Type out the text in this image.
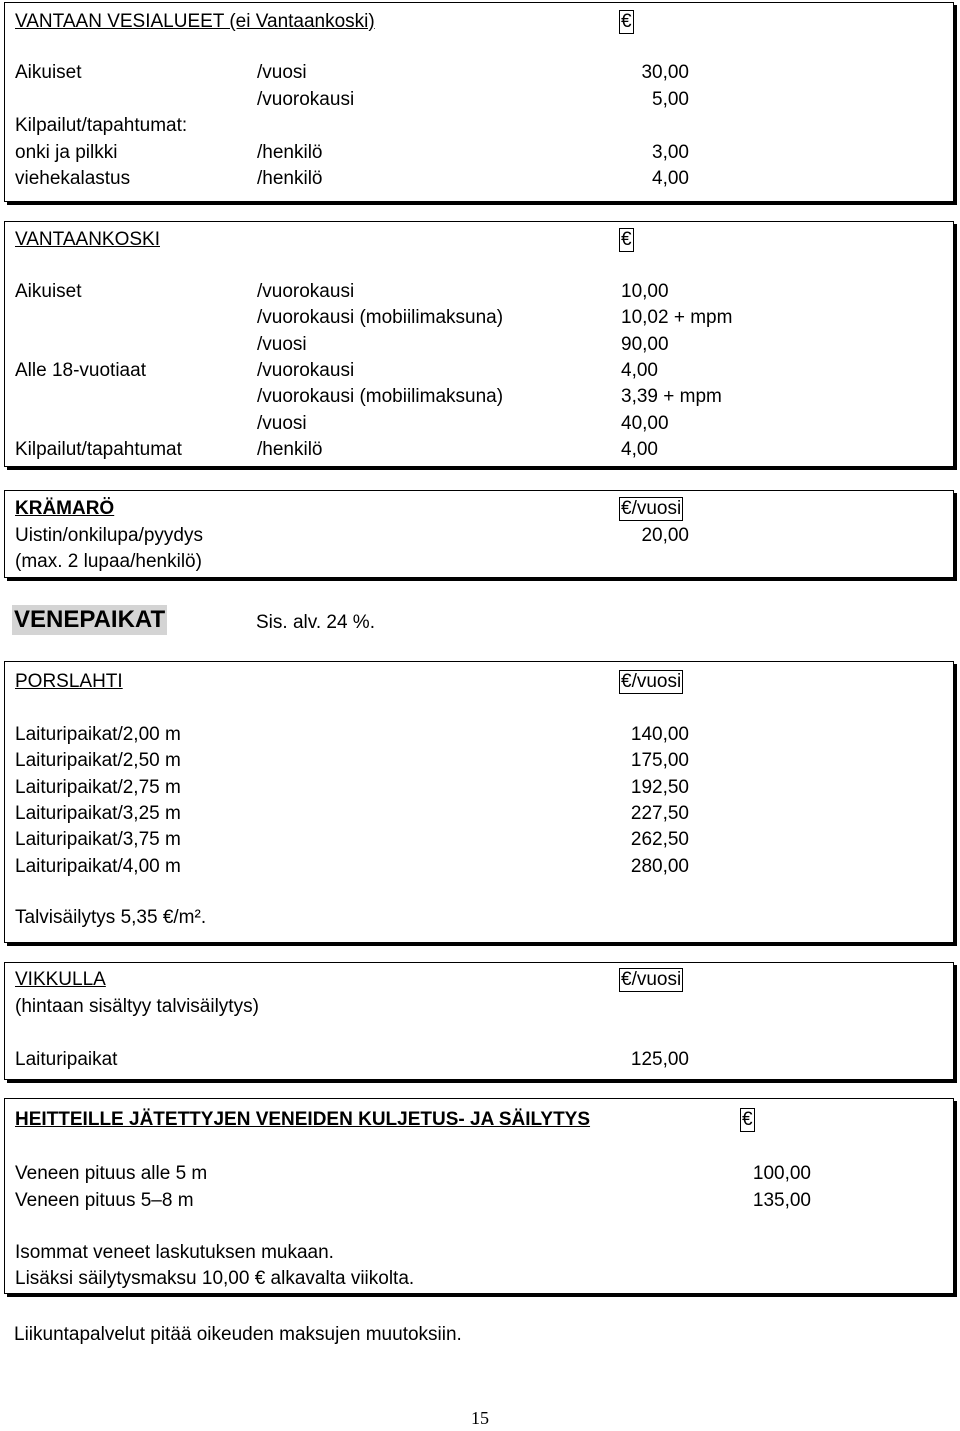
VANTAAN VESIALUEET (ei Vantaankoski)	€
Aikuiset	/vuosi	30,00
/vuorokausi	5,00
Kilpailut/tapahtumat:
onki ja pilkki	/henkilö	3,00
viehekalastus	/henkilö	4,00
VANTAANKOSKI	€
Aikuiset	/vuorokausi	10,00
/vuorokausi (mobiilimaksuna)	10,02 + mpm
/vuosi	90,00
Alle 18-vuotiaat	/vuorokausi	4,00
/vuorokausi (mobiilimaksuna)	3,39 + mpm
/vuosi	40,00
Kilpailut/tapahtumat	/henkilö	4,00
KRÄMARÖ	€/vuosi
Uistin/onkilupa/pyydys	20,00
(max. 2 lupaa/henkilö)
VENEPAIKAT	Sis. alv. 24 %.
PORSLAHTI	€/vuosi
Laituripaikat/2,00 m	140,00
Laituripaikat/2,50 m	175,00
Laituripaikat/2,75 m	192,50
Laituripaikat/3,25 m	227,50
Laituripaikat/3,75 m	262,50
Laituripaikat/4,00 m	280,00
Talvisäilytys 5,35 €/m².
VIKKULLA	€/vuosi
(hintaan sisältyy talvisäilytys)
Laituripaikat	125,00
HEITTEILLE JÄTETTYJEN VENEIDEN KULJETUS- JA SÄILYTYS	€
Veneen pituus alle 5 m	100,00
Veneen pituus 5–8 m	135,00
Isommat veneet laskutuksen mukaan.
Lisäksi säilytysmaksu 10,00 € alkavalta viikolta.
Liikuntapalvelut pitää oikeuden maksujen muutoksiin.
15
